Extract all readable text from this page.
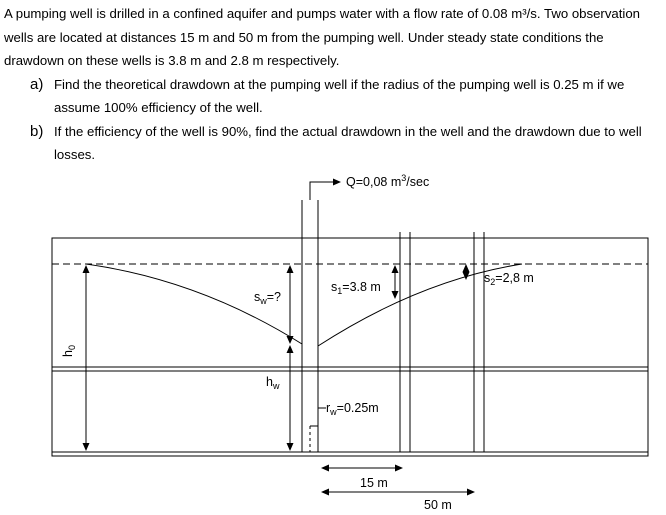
A pumping well is drilled in a confined aquifer and pumps water with a flow rate of 0.08 m³/s. Two observation wells are located at distances 15 m and 50 m from the pumping well. Under steady state conditions the drawdown on these wells is 3.8 m and 2.8 m respectively.

a) Find the theoretical drawdown at the pumping well if the radius of the pumping well is 0.25 m if we assume 100% efficiency of the well.
b) If the efficiency of the well is 90%, find the actual drawdown in the well and the drawdown due to well losses.
Q=0,08 $m^3/\sec$
$h_0$
$s_w=$?
$h_w$
$s_1=3.8$ m
$s_2=2,8$ m
$r_w=0.25m$
15 m
50 m
